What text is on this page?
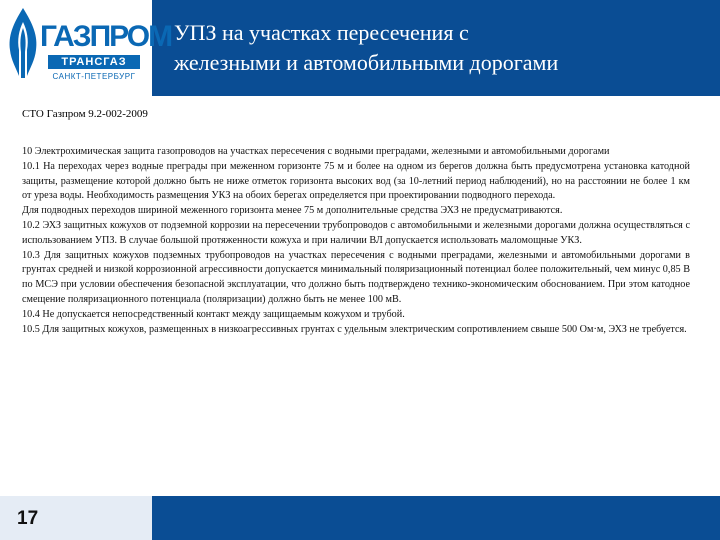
ГАЗПРОМ
ТРАНСГАЗ
САНКТ-ПЕТЕРБУРГ
УПЗ на участках пересечения с
железными и автомобильными дорогами
СТО Газпром 9.2-002-2009

10 Электрохимическая защита газопроводов на участках пересечения с водными преградами, железными и автомобильными дорогами

10.1 На переходах через водные преграды при меженном горизонте 75 м и более на одном из берегов должна быть предусмотрена установка катодной защиты, размещение которой должно быть не ниже отметок горизонта высоких вод (за 10-летний период наблюдений), но на расстоянии не более 1 км от уреза воды. Необходимость размещения УКЗ на обоих берегах определяется при проектировании подводного перехода.

Для подводных переходов шириной меженного горизонта менее 75 м дополнительные средства ЭХЗ не предусматриваются.

10.2 ЭХЗ защитных кожухов от подземной коррозии на пересечении трубопроводов с автомобильными и железными дорогами должна осуществляться с использованием УПЗ. В случае большой протяженности кожуха и при наличии ВЛ допускается использовать маломощные УКЗ.

10.3 Для защитных кожухов подземных трубопроводов на участках пересечения с водными преградами, железными и автомобильными дорогами в грунтах средней и низкой коррозионной агрессивности допускается минимальный поляризационный потенциал более положительный, чем минус 0,85 В по МСЭ при условии обеспечения безопасной эксплуатации, что должно быть подтверждено технико-экономическим обоснованием. При этом катодное смещение поляризационного потенциала (поляризации) должно быть не менее 100 мВ.

10.4 Не допускается непосредственный контакт между защищаемым кожухом и трубой.

10.5 Для защитных кожухов, размещенных в низкоагрессивных грунтах с удельным электрическим сопротивлением свыше 500 Ом·м, ЭХЗ не требуется.

17
